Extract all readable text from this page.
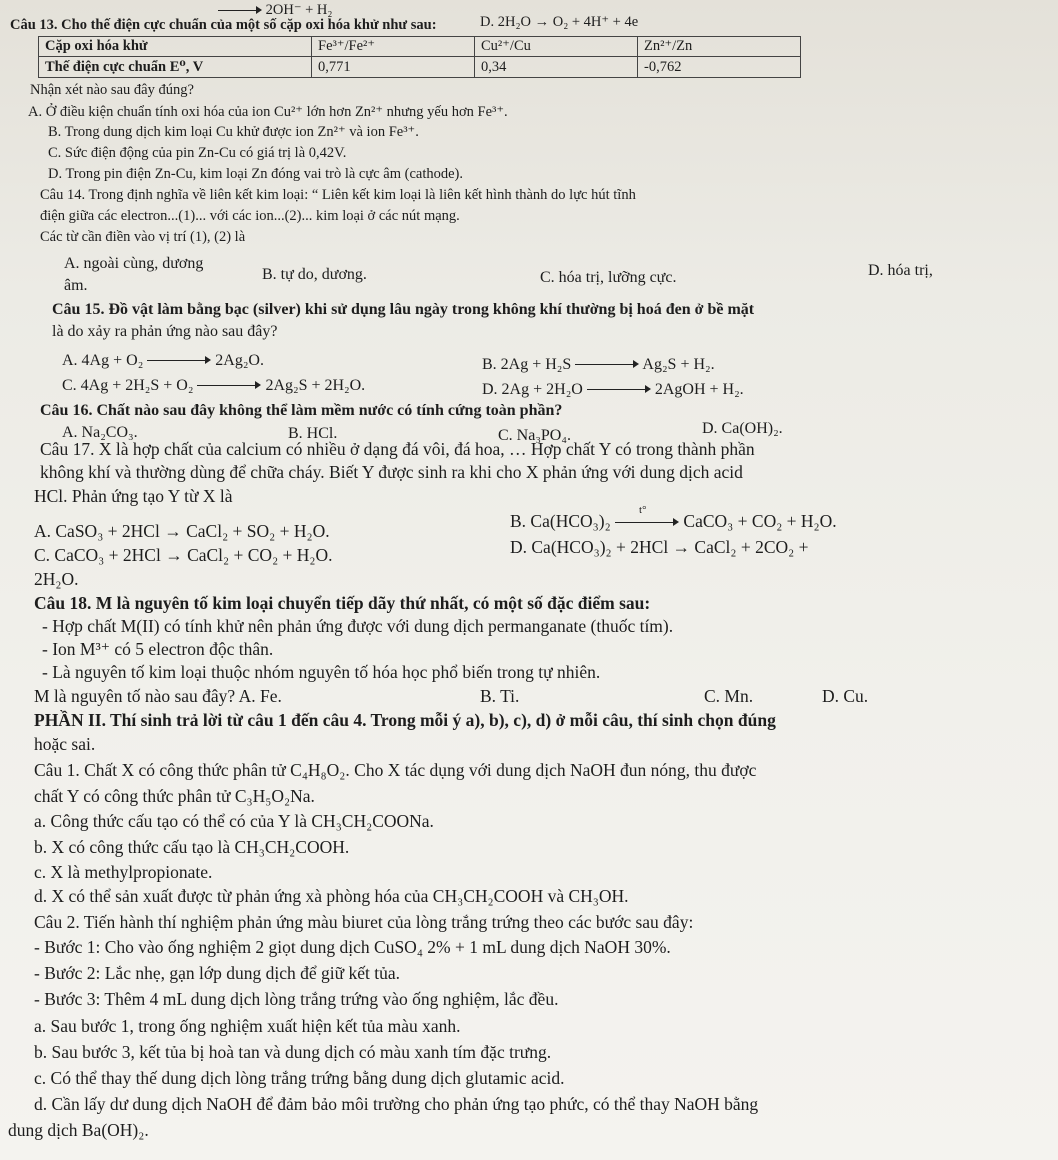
2OH⁻ + H₂
D. 2H₂O → O₂ + 4H⁺ + 4e
Câu 13. Cho thế điện cực chuẩn của một số cặp oxi hóa khử như sau:
Cặp oxi hóa khử	Fe³⁺/Fe²⁺	Cu²⁺/Cu	Zn²⁺/Zn
Thế điện cực chuẩn E⁰, V	0,771	0,34	-0,762
Nhận xét nào sau đây đúng?
A. Ở điều kiện chuẩn tính oxi hóa của ion Cu²⁺ lớn hơn Zn²⁺ nhưng yếu hơn Fe³⁺.
B. Trong dung dịch kim loại Cu khử được ion Zn²⁺ và ion Fe³⁺.
C. Sức điện động của pin Zn-Cu có giá trị là 0,42V.
D. Trong pin điện Zn-Cu, kim loại Zn đóng vai trò là cực âm (cathode).
Câu 14. Trong định nghĩa về liên kết kim loại: “ Liên kết kim loại là liên kết hình thành do lực hút tĩnh
điện giữa các electron...(1)... với các ion...(2)... kim loại ở các nút mạng.
Các từ cần điền vào vị trí (1), (2) là
A. ngoài cùng, dương
âm.
B. tự do, dương.	C. hóa trị, lưỡng cực.	D. hóa trị,
Câu 15. Đồ vật làm bằng bạc (silver) khi sử dụng lâu ngày trong không khí thường bị hoá đen ở bề mặt
là do xảy ra phản ứng nào sau đây?
A. 4Ag + O₂	2Ag₂O.	B. 2Ag + H₂S	Ag₂S + H₂.
C. 4Ag + 2H₂S + O₂	2Ag₂S + 2H₂O.	D. 2Ag + 2H₂O	2AgOH + H₂.
Câu 16. Chất nào sau đây không thể làm mềm nước có tính cứng toàn phần?
A. Na₂CO₃.	B. HCl.	C. Na₃PO₄.	D. Ca(OH)₂.
Câu 17. X là hợp chất của calcium có nhiều ở dạng đá vôi, đá hoa, … Hợp chất Y có trong thành phần
không khí và thường dùng để chữa cháy. Biết Y được sinh ra khi cho X phản ứng với dung dịch acid
HCl. Phản ứng tạo Y từ X là
A. CaSO₃ + 2HCl → CaCl₂ + SO₂ + H₂O.	B. Ca(HCO₃)₂
t°
CaCO₃ + CO₂ + H₂O.
C. CaCO₃ + 2HCl → CaCl₂ + CO₂ + H₂O.	D. Ca(HCO₃)₂ + 2HCl → CaCl₂ + 2CO₂ +
2H₂O.
Câu 18. M là nguyên tố kim loại chuyển tiếp dãy thứ nhất, có một số đặc điểm sau:
- Hợp chất M(II) có tính khử nên phản ứng được với dung dịch permanganate (thuốc tím).
- Ion M³⁺ có 5 electron độc thân.
- Là nguyên tố kim loại thuộc nhóm nguyên tố hóa học phổ biến trong tự nhiên.
M là nguyên tố nào sau đây? A. Fe.	B. Ti.	C. Mn.	D. Cu.
PHẦN II. Thí sinh trả lời từ câu 1 đến câu 4. Trong mỗi ý a), b), c), d) ở mỗi câu, thí sinh chọn đúng
hoặc sai.
Câu 1. Chất X có công thức phân tử C₄H₈O₂. Cho X tác dụng với dung dịch NaOH đun nóng, thu được
chất Y có công thức phân tử C₃H₅O₂Na.
a. Công thức cấu tạo có thể có của Y là CH₃CH₂COONa.
b. X có công thức cấu tạo là CH₃CH₂COOH.
c. X là methylpropionate.
d. X có thể sản xuất được từ phản ứng xà phòng hóa của CH₃CH₂COOH và CH₃OH.
Câu 2. Tiến hành thí nghiệm phản ứng màu biuret của lòng trắng trứng theo các bước sau đây:
- Bước 1: Cho vào ống nghiệm 2 giọt dung dịch CuSO₄ 2% + 1 mL dung dịch NaOH 30%.
- Bước 2: Lắc nhẹ, gạn lớp dung dịch để giữ kết tủa.
- Bước 3: Thêm 4 mL dung dịch lòng trắng trứng vào ống nghiệm, lắc đều.
a. Sau bước 1, trong ống nghiệm xuất hiện kết tủa màu xanh.
b. Sau bước 3, kết tủa bị hoà tan và dung dịch có màu xanh tím đặc trưng.
c. Có thể thay thế dung dịch lòng trắng trứng bằng dung dịch glutamic acid.
d. Cần lấy dư dung dịch NaOH để đảm bảo môi trường cho phản ứng tạo phức, có thể thay NaOH bằng
dung dịch Ba(OH)₂.
